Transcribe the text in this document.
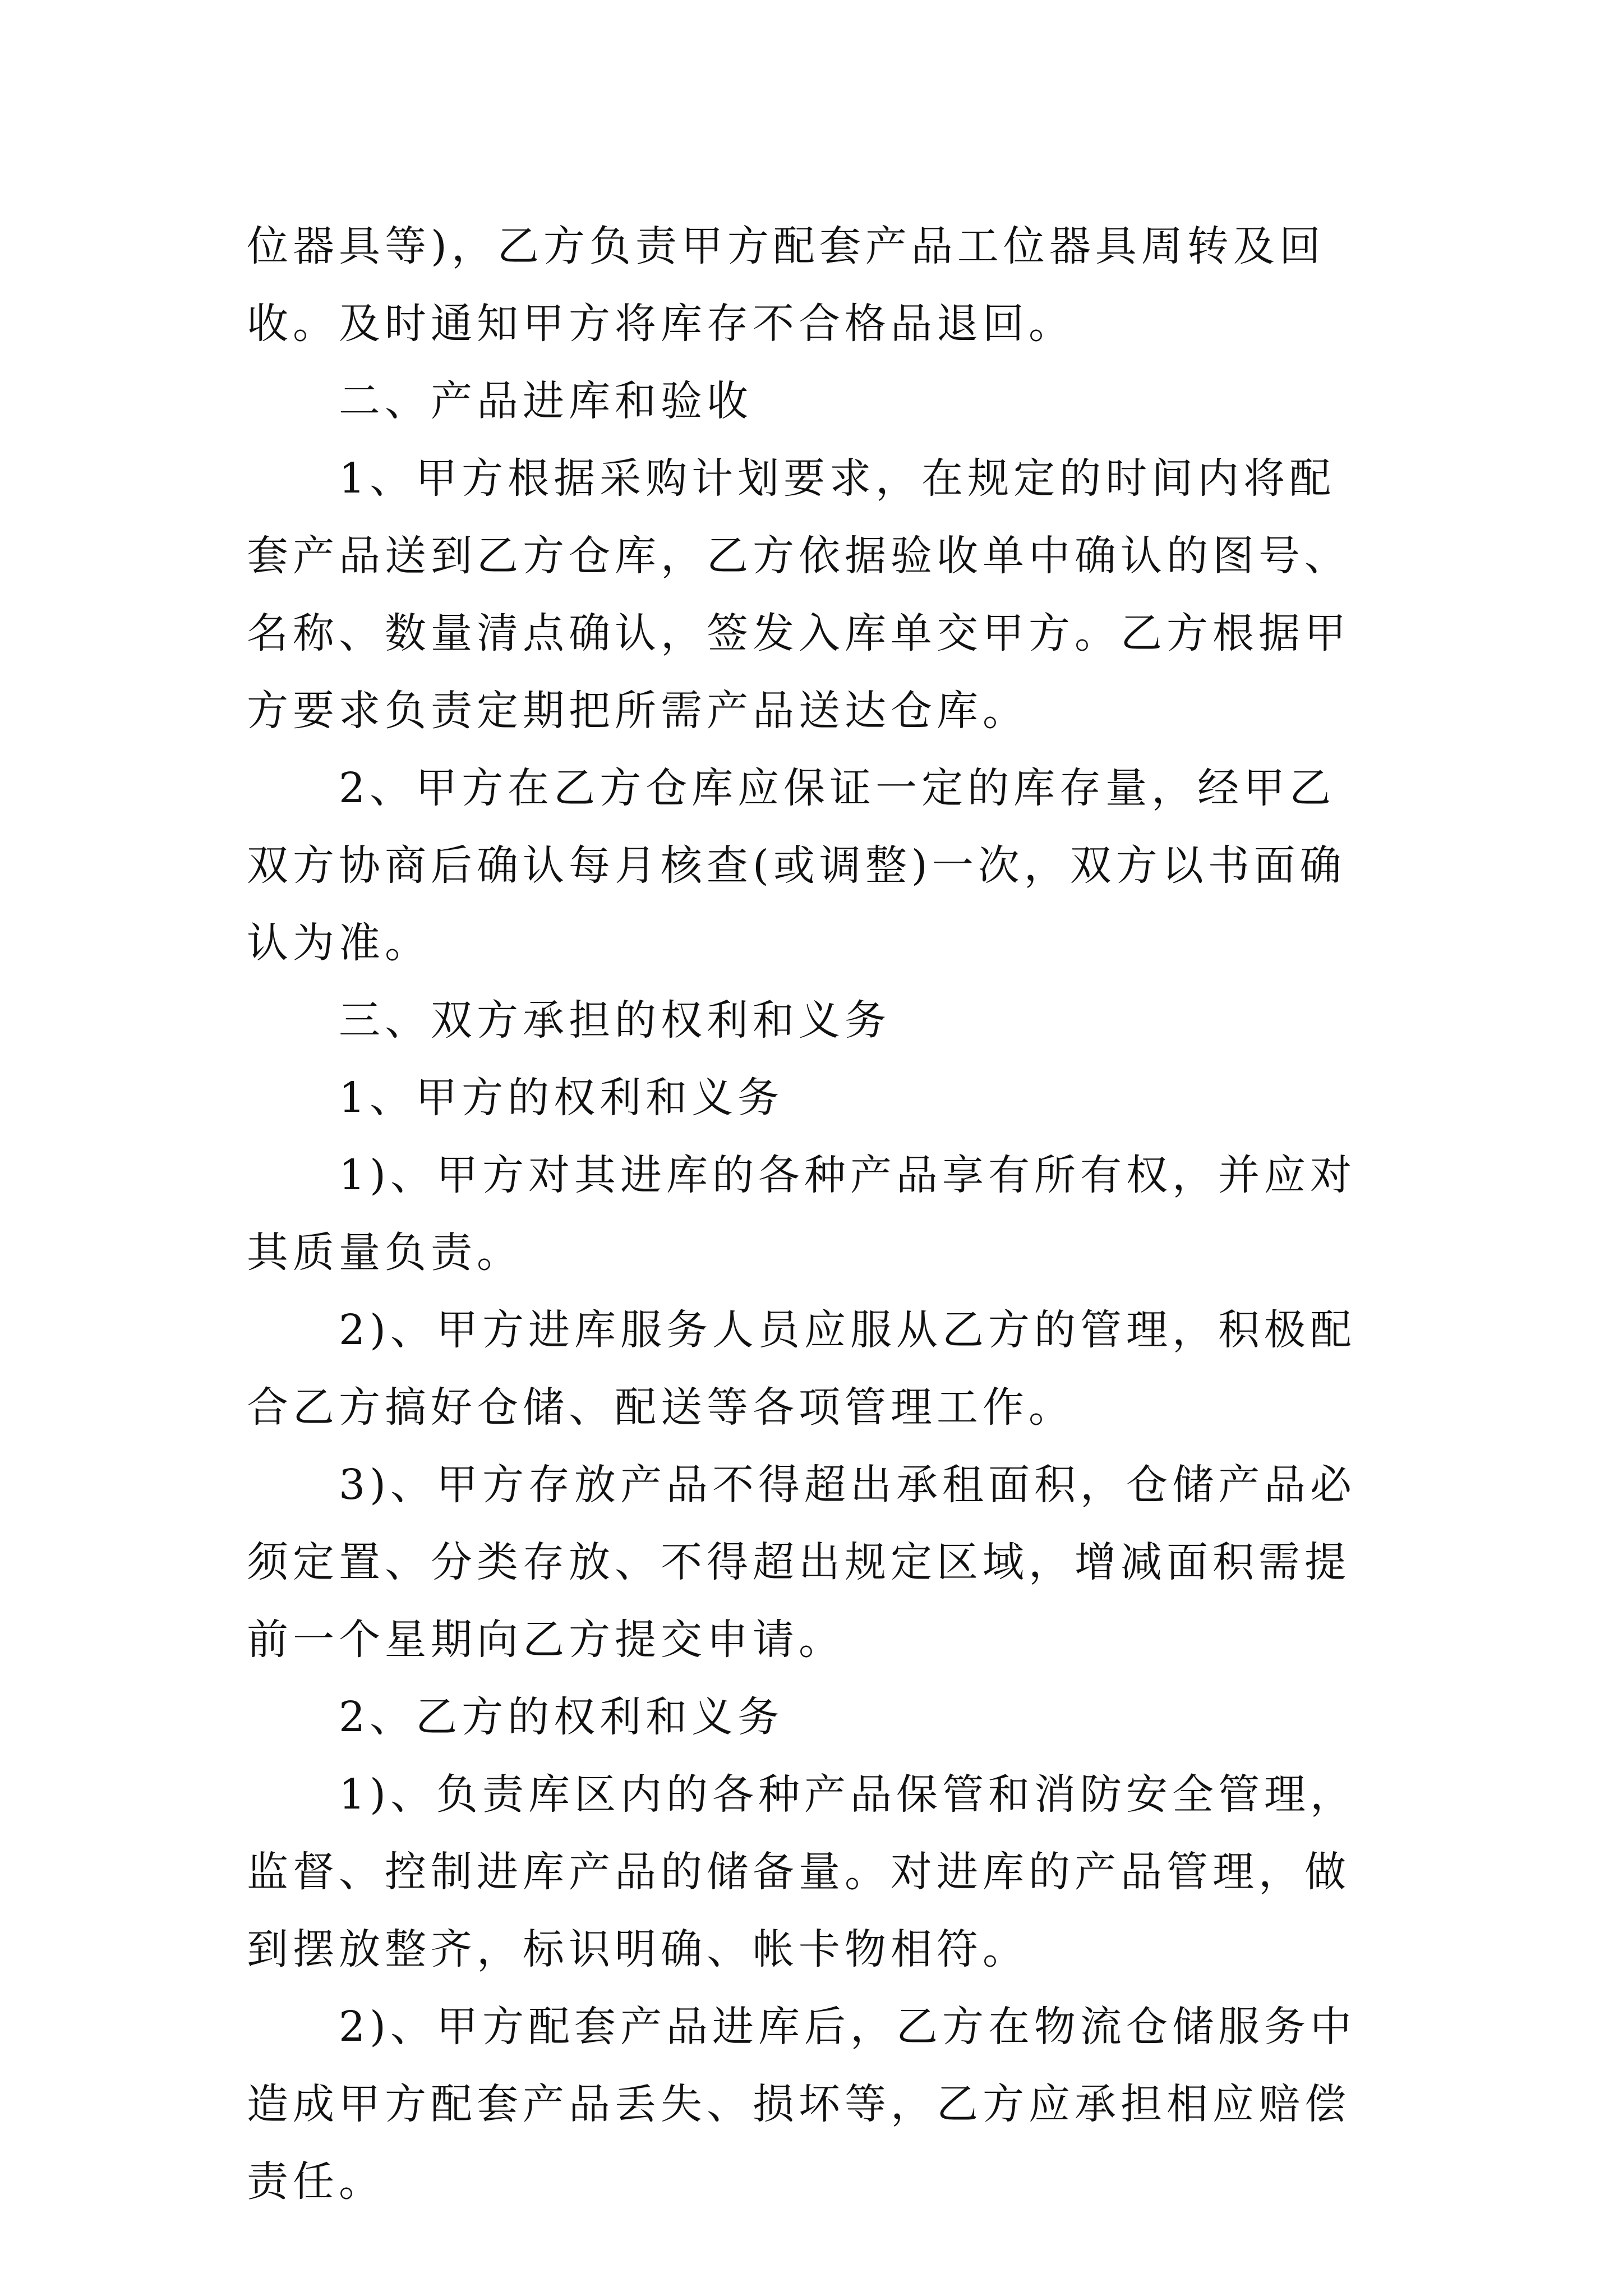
位器具等)，乙方负责甲方配套产品工位器具周转及回收。及时通知甲方将库存不合格品退回。

二、产品进库和验收

1、甲方根据采购计划要求，在规定的时间内将配套产品送到乙方仓库，乙方依据验收单中确认的图号、名称、数量清点确认，签发入库单交甲方。乙方根据甲方要求负责定期把所需产品送达仓库。

2、甲方在乙方仓库应保证一定的库存量，经甲乙双方协商后确认每月核查(或调整)一次，双方以书面确认为准。

三、双方承担的权利和义务

1、甲方的权利和义务

1)、甲方对其进库的各种产品享有所有权，并应对其质量负责。

2)、甲方进库服务人员应服从乙方的管理，积极配合乙方搞好仓储、配送等各项管理工作。

3)、甲方存放产品不得超出承租面积，仓储产品必须定置、分类存放、不得超出规定区域，增减面积需提前一个星期向乙方提交申请。

2、乙方的权利和义务

1)、负责库区内的各种产品保管和消防安全管理，监督、控制进库产品的储备量。对进库的产品管理，做到摆放整齐，标识明确、帐卡物相符。

2)、甲方配套产品进库后，乙方在物流仓储服务中造成甲方配套产品丢失、损坏等，乙方应承担相应赔偿责任。
